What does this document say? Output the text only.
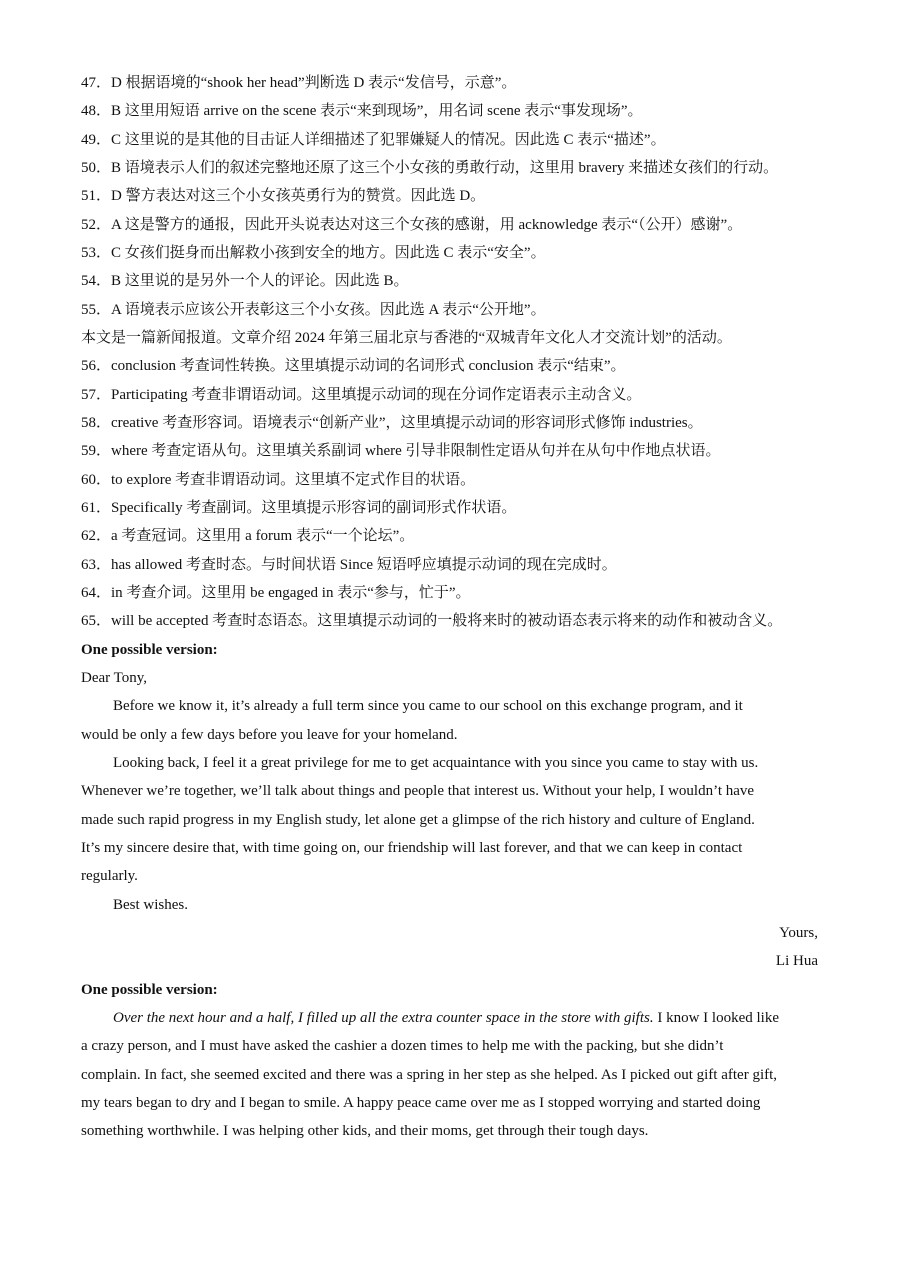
47．D 根据语境的“shook her head”判断选 D 表示“发信号，示意”。
48．B 这里用短语 arrive on the scene 表示“来到现场”，用名词 scene 表示“事发现场”。
49．C 这里说的是其他的目击证人详细描述了犯罪嫌疑人的情况。因此选 C 表示“描述”。
50．B 语境表示人们的叙述完整地还原了这三个小女孩的勇敢行动，这里用 bravery 来描述女孩们的行动。
51．D 警方表达对这三个小女孩英勇行为的赞赏。因此选 D。
52．A 这是警方的通报，因此开头说表达对这三个女孩的感谢，用 acknowledge 表示“（公开）感谢”。
53．C 女孩们挺身而出解救小孩到安全的地方。因此选 C 表示“安全”。
54．B 这里说的是另外一个人的评论。因此选 B。
55．A 语境表示应该公开表彰这三个小女孩。因此选 A 表示“公开地”。
本文是一篇新闻报道。文章介绍 2024 年第三届北京与香港的“双城青年文化人才交流计划”的活动。
56．conclusion 考查词性转换。这里填提示动词的名词形式 conclusion 表示“结束”。
57．Participating 考查非谓语动词。这里填提示动词的现在分词作定语表示主动含义。
58．creative 考查形容词。语境表示“创新产业”，这里填提示动词的形容词形式修饰 industries。
59．where 考查定语从句。这里填关系副词 where 引导非限制性定语从句并在从句中作地点状语。
60．to explore 考查非谓语动词。这里填不定式作目的状语。
61．Specifically 考查副词。这里填提示形容词的副词形式作状语。
62．a 考查冠词。这里用 a forum 表示“一个论坛”。
63．has allowed 考查时态。与时间状语 Since 短语呼应填提示动词的现在完成时。
64．in 考查介词。这里用 be engaged in 表示“参与，忙于”。
65．will be accepted 考查时态语态。这里填提示动词的一般将来时的被动语态表示将来的动作和被动含义。
One possible version:
Dear Tony,
Before we know it, it’s already a full term since you came to our school on this exchange program, and it
would be only a few days before you leave for your homeland.
Looking back, I feel it a great privilege for me to get acquaintance with you since you came to stay with us.
Whenever we’re together, we’ll talk about things and people that interest us. Without your help, I wouldn’t have
made such rapid progress in my English study, let alone get a glimpse of the rich history and culture of England.
It’s my sincere desire that, with time going on, our friendship will last forever, and that we can keep in contact
regularly.
Best wishes.
Yours,
Li Hua
One possible version:
Over the next hour and a half, I filled up all the extra counter space in the store with gifts. I know I looked like
a crazy person, and I must have asked the cashier a dozen times to help me with the packing, but she didn’t
complain. In fact, she seemed excited and there was a spring in her step as she helped. As I picked out gift after gift,
my tears began to dry and I began to smile. A happy peace came over me as I stopped worrying and started doing
something worthwhile. I was helping other kids, and their moms, get through their tough days.
